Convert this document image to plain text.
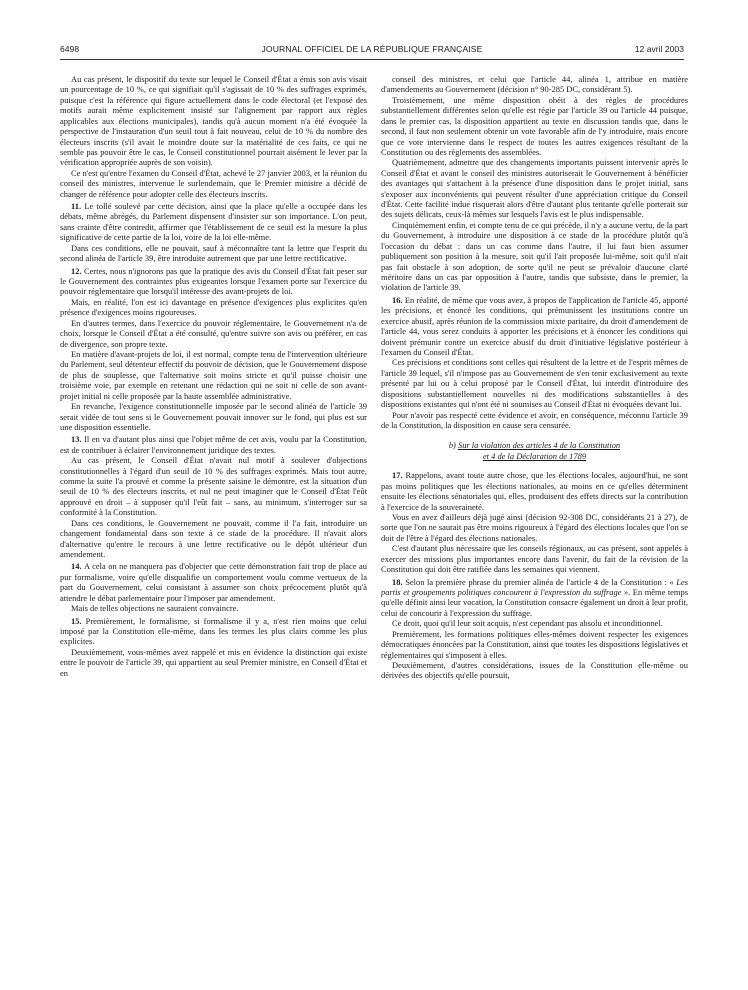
6498	JOURNAL OFFICIEL DE LA RÉPUBLIQUE FRANÇAISE	12 avril 2003

Au cas présent, le dispositif du texte sur lequel le Conseil d'État a émis son avis visait un pourcentage de 10 %, ce qui signifiait qu'il s'agissait de 10 % des suffrages exprimés, puisque c'est la référence qui figure actuellement dans le code électoral (et l'exposé des motifs aurait même explicitement insisté sur l'alignement par rapport aux règles applicables aux élections municipales), tandis qu'à aucun moment n'a été évoquée la perspective de l'instauration d'un seuil tout à fait nouveau, celui de 10 % du nombre des électeurs inscrits (s'il avait le moindre doute sur la matérialité de ces faits, ce qui ne semble pas pouvoir être le cas, le Conseil constitutionnel pourrait aisément le lever par la vérification appropriée auprès de son voisin).

Ce n'est qu'entre l'examen du Conseil d'État, achevé le 27 janvier 2003, et la réunion du conseil des ministres, intervenue le surlendemain, que le Premier ministre a décidé de changer de référence pour adopter celle des électeurs inscrits.

11. Le tollé soulevé par cette décision, ainsi que la place qu'elle a occupée dans les débats, même abrégés, du Parlement dispensent d'insister sur son importance. L'on peut, sans crainte d'être contredit, affirmer que l'établissement de ce seuil est la mesure la plus significative de cette partie de la loi, voire de la loi elle-même.

Dans ces conditions, elle ne pouvait, sauf à méconnaître tant la lettre que l'esprit du second alinéa de l'article 39, être introduite autrement que par une lettre rectificative.

12. Certes, nous n'ignorons pas que la pratique des avis du Conseil d'État fait peser sur le Gouvernement des contraintes plus exigeantes lorsque l'examen porte sur l'exercice du pouvoir réglementaire que lorsqu'il intéresse des avant-projets de loi.

Mais, en réalité, l'on est ici davantage en présence d'exigences plus explicites qu'en présence d'exigences moins rigoureuses.

En d'autres termes, dans l'exercice du pouvoir réglementaire, le Gouvernement n'a de choix, lorsque le Conseil d'État a été consulté, qu'entre suivre son avis ou préférer, en cas de divergence, son propre texte.

En matière d'avant-projets de loi, il est normal, compte tenu de l'intervention ultérieure du Parlement, seul détenteur effectif du pouvoir de décision, que le Gouvernement dispose de plus de souplesse, que l'alternative soit moins stricte et qu'il puisse choisir une troisième voie, par exemple en retenant une rédaction qui ne soit ni celle de son avant-projet initial ni celle proposée par la haute assemblée administrative.

En revanche, l'exigence constitutionnelle imposée par le second alinéa de l'article 39 serait vidée de tout sens si le Gouvernement pouvait innover sur le fond, qui plus est sur une disposition essentielle.

13. Il en va d'autant plus ainsi que l'objet même de cet avis, voulu par la Constitution, est de contribuer à éclairer l'environnement juridique des textes.

Au cas présent, le Conseil d'État n'avait nul motif à soulever d'objections constitutionnelles à l'égard d'un seuil de 10 % des suffrages exprimés. Mais tout autre, comme la suite l'a prouvé et comme la présente saisine le démontre, est la situation d'un seuil de 10 % des électeurs inscrits, et nul ne peut imaginer que le Conseil d'État l'eût approuvé en droit – à supposer qu'il l'eût fait – sans, au minimum, s'interroger sur sa conformité à la Constitution.

Dans ces conditions, le Gouvernement ne pouvait, comme il l'a fait, introduire un changement fondamental dans son texte à ce stade de la procédure. Il n'avait alors d'alternative qu'entre le recours à une lettre rectificative ou le dépôt ultérieur d'un amendement.

14. A cela on ne manquera pas d'objecter que cette démonstration fait trop de place au pur formalisme, voire qu'elle disqualifie un comportement voulu comme vertueux de la part du Gouvernement, celui consistant à assumer son choix précocement plutôt qu'à attendre le débat parlementaire pour l'imposer par amendement.

Mais de telles objections ne sauraient convaincre.

15. Premièrement, le formalisme, si formalisme il y a, n'est rien moins que celui imposé par la Constitution elle-même, dans les termes les plus clairs comme les plus explicites.

Deuxièmement, vous-mêmes avez rappelé et mis en évidence la distinction qui existe entre le pouvoir de l'article 39, qui appartient au seul Premier ministre, en Conseil d'État et en

conseil des ministres, et celui que l'article 44, alinéa 1, attribue en matière d'amendements au Gouvernement (décision n° 90-285 DC, considérant 5).

Troisièmement, une même disposition obéit à des règles de procédures substantiellement différentes selon qu'elle est régie par l'article 39 ou l'article 44 puisque, dans le premier cas, la disposition appartient au texte en discussion tandis que, dans le second, il faut non seulement obtenir un vote favorable afin de l'y introduire, mais encore que ce vote intervienne dans le respect de toutes les autres exigences résultant de la Constitution ou des règlements des assemblées.

Quatrièmement, admettre que des changements importants puissent intervenir après le Conseil d'État et avant le conseil des ministres autoriserait le Gouvernement à bénéficier des avantages qui s'attachent à la présence d'une disposition dans le projet initial, sans s'exposer aux inconvénients qui peuvent résulter d'une appréciation critique du Conseil d'État. Cette facilité indue risquerait alors d'être d'autant plus tentante qu'elle porterait sur des sujets délicats, ceux-là mêmes sur lesquels l'avis est le plus indispensable.

Cinquièmement enfin, et compte tenu de ce qui précède, il n'y a aucune vertu, de la part du Gouvernement, à introduire une disposition à ce stade de la procédure plutôt qu'à l'occasion du débat : dans un cas comme dans l'autre, il lui faut bien assumer publiquement son position à la mesure, soit qu'il l'ait proposée lui-même, soit qu'il n'ait pas fait obstacle à son adoption, de sorte qu'il ne peut se prévaloir d'aucune clarté méritoire dans un cas par opposition à l'autre, tandis que subsiste, dans le premier, la violation de l'article 39.

16. En réalité, de même que vous avez, à propos de l'application de l'article 45, apporté les précisions, et énoncé les conditions, qui prémunissent les institutions contre un exercice abusif, après réunion de la commission mixte paritaire, du droit d'amendement de l'article 44, vous serez conduits à apporter les précisions et à énoncer les conditions qui doivent prémunir contre un exercice abusif du droit d'initiative législative postérieur à l'examen du Conseil d'État.

Ces précisions et conditions sont celles qui résultent de la lettre et de l'esprit mêmes de l'article 39 lequel, s'il n'impose pas au Gouvernement de s'en tenir exclusivement au texte présenté par lui ou à celui proposé par le Conseil d'État, lui interdit d'introduire des dispositions substantiellement nouvelles ni des modifications substantielles à des dispositions existantes qui n'ont été ni soumises au Conseil d'État ni évoquées devant lui.

Pour n'avoir pas respecté cette évidence et avoir, en conséquence, méconnu l'article 39 de la Constitution, la disposition en cause sera censurée.

b) Sur la violation des articles 4 de la Constitution
et 4 de la Déclaration de 1789

17. Rappelons, avant toute autre chose, que les élections locales, aujourd'hui, ne sont pas moins politiques que les élections nationales, au moins en ce qu'elles déterminent ensuite les élections sénatoriales qui, elles, produisent des effets directs sur la contribution à l'exercice de la souveraineté.

Vous en avez d'ailleurs déjà jugé ainsi (décision 92-308 DC, considérants 21 à 27), de sorte que l'on ne saurait pas être moins rigoureux à l'égard des élections locales que l'on se doit de l'être à l'égard des élections nationales.

C'est d'autant plus nécessaire que les conseils régionaux, au cas présent, sont appelés à exercer des missions plus importantes encore dans l'avenir, du fait de la révision de la Constitution qui doit être ratifiée dans les semaines qui viennent.

18. Selon la première phrase du premier alinéa de l'article 4 de la Constitution : « Les partis et groupements politiques concourent à l'expression du suffrage ». En même temps qu'elle définit ainsi leur vocation, la Constitution consacre également un droit à leur profit, celui de concourir à l'expression du suffrage.

Ce droit, quoi qu'il leur soit acquis, n'est cependant pas absolu et inconditionnel.

Premièrement, les formations politiques elles-mêmes doivent respecter les exigences démocratiques énoncées par la Constitution, ainsi que toutes les dispositions législatives et réglementaires qui s'imposent à elles.

Deuxièmement, d'autres considérations, issues de la Constitution elle-même ou dérivées des objectifs qu'elle poursuit,
